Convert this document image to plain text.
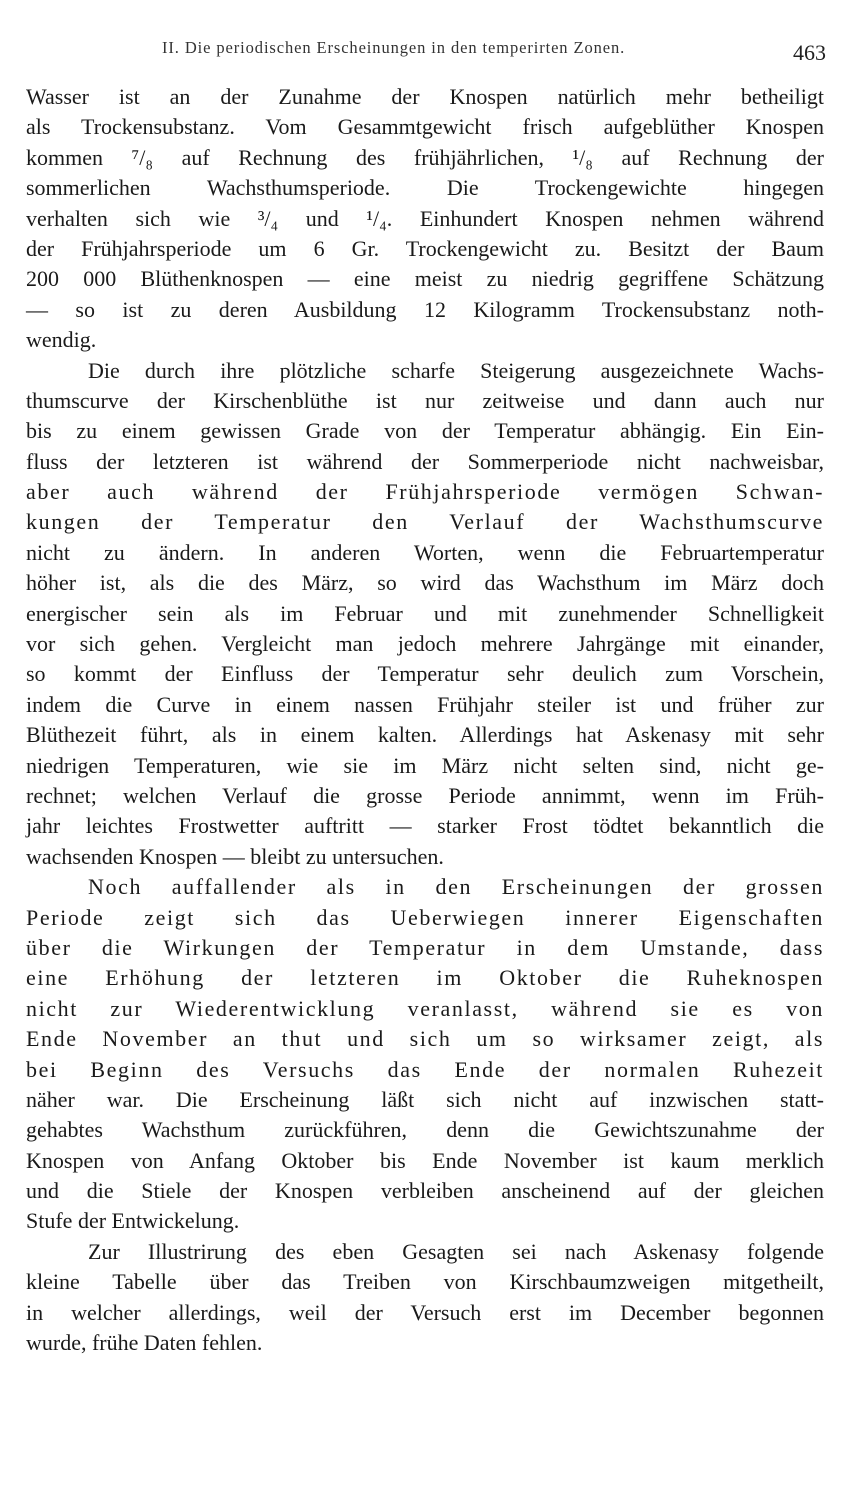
II. Die periodischen Erscheinungen in den temperirten Zonen.	463
Wasser ist an der Zunahme der Knospen natürlich mehr betheiligt
als Trockensubstanz. Vom Gesammtgewicht frisch aufgeblüther Knospen
kommen ⁷/₈ auf Rechnung des frühjährlichen, ¹/₈ auf Rechnung der
sommerlichen Wachsthumsperiode. Die Trockengewichte hingegen
verhalten sich wie ³/₄ und ¹/₄. Einhundert Knospen nehmen während
der Frühjahrsperiode um 6 Gr. Trockengewicht zu. Besitzt der Baum
200 000 Blüthenknospen — eine meist zu niedrig gegriffene Schätzung
— so ist zu deren Ausbildung 12 Kilogramm Trockensubstanz noth-
wendig.
Die durch ihre plötzliche scharfe Steigerung ausgezeichnete Wachs-
thumscurve der Kirschenblüthe ist nur zeitweise und dann auch nur
bis zu einem gewissen Grade von der Temperatur abhängig. Ein Ein-
fluss der letzteren ist während der Sommerperiode nicht nachweisbar,
aber auch während der Frühjahrsperiode vermögen Schwan-
kungen der Temperatur den Verlauf der Wachsthumscurve
nicht zu ändern. In anderen Worten, wenn die Februartemperatur
höher ist, als die des März, so wird das Wachsthum im März doch
energischer sein als im Februar und mit zunehmender Schnelligkeit
vor sich gehen. Vergleicht man jedoch mehrere Jahrgänge mit einander,
so kommt der Einfluss der Temperatur sehr deulich zum Vorschein,
indem die Curve in einem nassen Frühjahr steiler ist und früher zur
Blüthezeit führt, als in einem kalten. Allerdings hat Askenasy mit sehr
niedrigen Temperaturen, wie sie im März nicht selten sind, nicht ge-
rechnet; welchen Verlauf die grosse Periode annimmt, wenn im Früh-
jahr leichtes Frostwetter auftritt — starker Frost tödtet bekanntlich die
wachsenden Knospen — bleibt zu untersuchen.
Noch auffallender als in den Erscheinungen der grossen
Periode zeigt sich das Ueberwiegen innerer Eigenschaften
über die Wirkungen der Temperatur in dem Umstande, dass
eine Erhöhung der letzteren im Oktober die Ruheknospen
nicht zur Wiederentwicklung veranlasst, während sie es von
Ende November an thut und sich um so wirksamer zeigt, als
bei Beginn des Versuchs das Ende der normalen Ruhezeit
näher war. Die Erscheinung läßt sich nicht auf inzwischen statt-
gehabtes Wachsthum zurückführen, denn die Gewichtszunahme der
Knospen von Anfang Oktober bis Ende November ist kaum merklich
und die Stiele der Knospen verbleiben anscheinend auf der gleichen
Stufe der Entwickelung.
Zur Illustrirung des eben Gesagten sei nach Askenasy folgende
kleine Tabelle über das Treiben von Kirschbaumzweigen mitgetheilt,
in welcher allerdings, weil der Versuch erst im December begonnen
wurde, frühe Daten fehlen.
